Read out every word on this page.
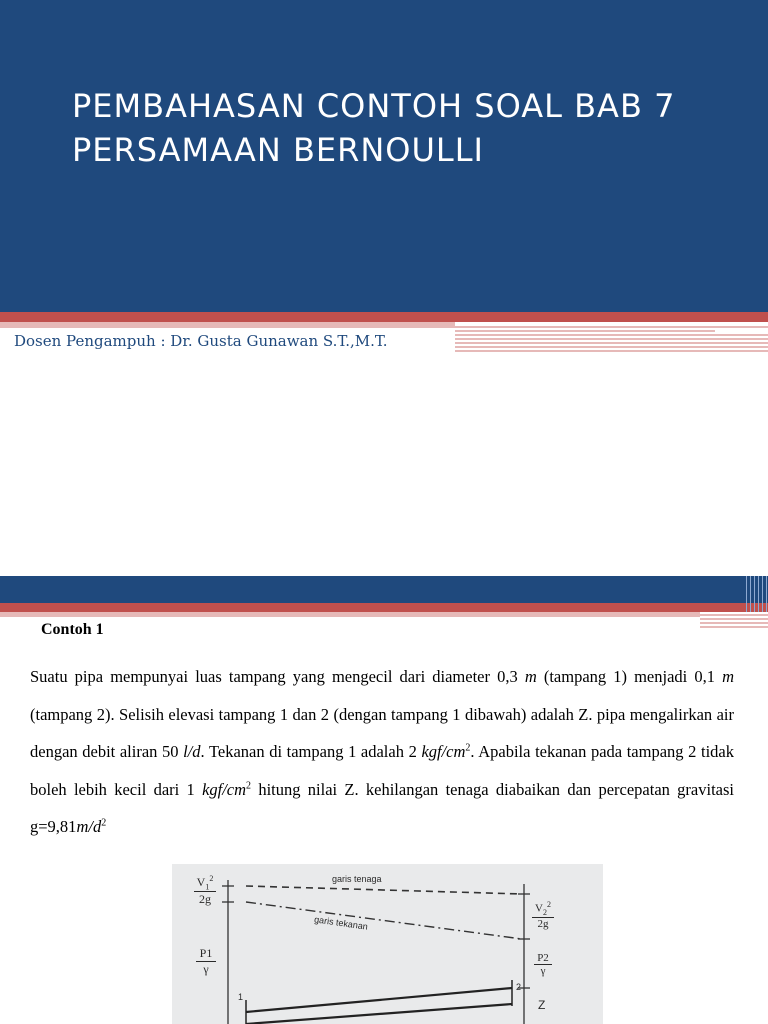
PEMBAHASAN CONTOH SOAL BAB 7
PERSAMAAN BERNOULLI
Dosen Pengampuh : Dr. Gusta Gunawan S.T.,M.T.
Contoh 1
Suatu pipa mempunyai luas tampang yang mengecil dari diameter 0,3 m (tampang 1) menjadi 0,1 m (tampang 2). Selisih elevasi tampang 1 dan 2 (dengan tampang 1 dibawah) adalah Z. pipa mengalirkan air dengan debit aliran 50 l/d. Tekanan di tampang 1 adalah 2 kgf/$cm^2$. Apabila tekanan pada tampang 2 tidak boleh lebih kecil dari 1 kgf/$cm^2$ hitung nilai Z. kehilangan tenaga diabaikan dan percepatan gravitasi $g=9,81m/d^2$
garis tenaga
garis tekanan
$V_1^2$
2g
P1
γ
$V_2^2$
2g
P2
γ
Z
1
2
